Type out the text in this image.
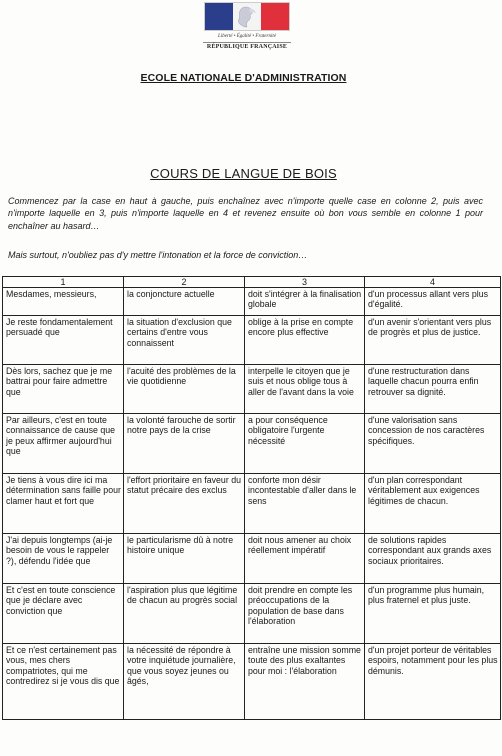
Liberté • Égalité • Fraternité
RÉPUBLIQUE FRANÇAISE
ECOLE NATIONALE D'ADMINISTRATION
COURS DE LANGUE DE BOIS
Commencez par la case en haut à gauche, puis enchaînez avec n'importe quelle case en colonne 2, puis avec n'importe laquelle en 3, puis n'importe laquelle en 4 et revenez ensuite où bon vous semble en colonne 1 pour enchaîner au hasard…
Mais surtout, n'oubliez pas d'y mettre l'intonation et la force de conviction…
1	2	3	4

Mesdames, messieurs,	la conjoncture actuelle	doit s'intégrer à la finalisation globale	d'un processus allant vers plus d'égalité.

Je reste fondamentalement persuadé que	la situation d'exclusion que certains d'entre vous connaissent	oblige à la prise en compte encore plus effective	d'un avenir s'orientant vers plus de progrès et plus de justice.

Dès lors, sachez que je me battrai pour faire admettre que	l'acuité des problèmes de la vie quotidienne	interpelle le citoyen que je suis et nous oblige tous à aller de l'avant dans la voie	d'une restructuration dans laquelle chacun pourra enfin retrouver sa dignité.

Par ailleurs, c'est en toute connaissance de cause que je peux affirmer aujourd'hui que	la volonté farouche de sortir notre pays de la crise	a pour conséquence obligatoire l'urgente nécessité	d'une valorisation sans concession de nos caractères spécifiques.

Je tiens à vous dire ici ma détermination sans faille pour clamer haut et fort que	l'effort prioritaire en faveur du statut précaire des exclus	conforte mon désir incontestable d'aller dans le sens	d'un plan correspondant véritablement aux exigences légitimes de chacun.

J'ai depuis longtemps (ai-je besoin de vous le rappeler ?), défendu l'idée que	le particularisme dû à notre histoire unique	doit nous amener au choix réellement impératif	de solutions rapides correspondant aux grands axes sociaux prioritaires.

Et c'est en toute conscience que je déclare avec conviction que	l'aspiration plus que légitime de chacun au progrès social	doit prendre en compte les préoccupations de la population de base dans l'élaboration	d'un programme plus humain, plus fraternel et plus juste.

Et ce n'est certainement pas vous, mes chers compatriotes, qui me contredirez si je vous dis que	la nécessité de répondre à votre inquiétude journalière, que vous soyez jeunes ou âgés,	entraîne une mission somme toute des plus exaltantes pour moi : l'élaboration	d'un projet porteur de véritables espoirs, notamment pour les plus démunis.
